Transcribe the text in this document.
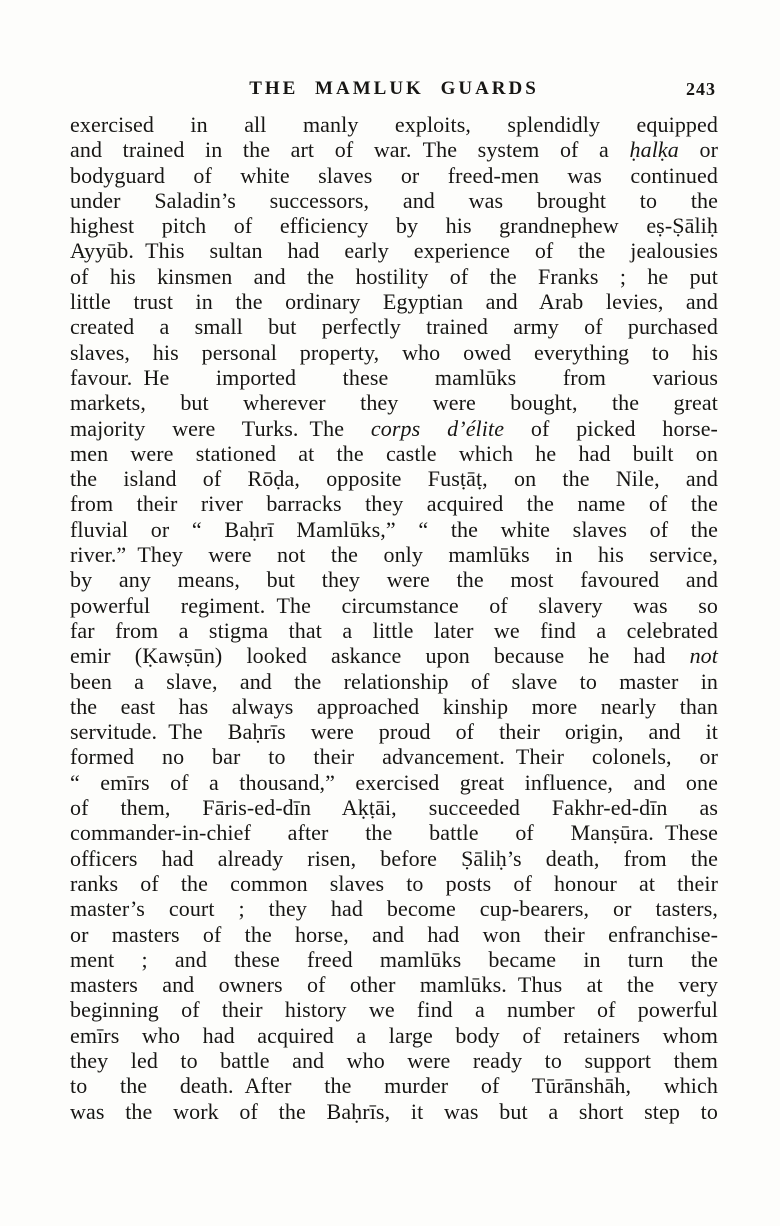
THE MAMLUK GUARDS	243
exercised in all manly exploits, splendidly equipped
and trained in the art of war. The system of a ḥalḳa or
bodyguard of white slaves or freed-men was continued
under Saladin’s successors, and was brought to the
highest pitch of efficiency by his grandnephew eṣ-Ṣāliḥ
Ayyūb. This sultan had early experience of the jealousies
of his kinsmen and the hostility of the Franks ; he put
little trust in the ordinary Egyptian and Arab levies, and
created a small but perfectly trained army of purchased
slaves, his personal property, who owed everything to his
favour. He imported these mamlūks from various
markets, but wherever they were bought, the great
majority were Turks. The corps d’élite of picked horse-
men were stationed at the castle which he had built on
the island of Rōḍa, opposite Fusṭāṭ, on the Nile, and
from their river barracks they acquired the name of the
fluvial or “ Baḥrī Mamlūks,” “ the white slaves of the
river.” They were not the only mamlūks in his service,
by any means, but they were the most favoured and
powerful regiment. The circumstance of slavery was so
far from a stigma that a little later we find a celebrated
emir (Ḳawṣūn) looked askance upon because he had not
been a slave, and the relationship of slave to master in
the east has always approached kinship more nearly than
servitude. The Baḥrīs were proud of their origin, and it
formed no bar to their advancement. Their colonels, or
“ emīrs of a thousand,” exercised great influence, and one
of them, Fāris-ed-dīn Aḳṭāi, succeeded Fakhr-ed-dīn as
commander-in-chief after the battle of Manṣūra. These
officers had already risen, before Ṣāliḥ’s death, from the
ranks of the common slaves to posts of honour at their
master’s court ; they had become cup-bearers, or tasters,
or masters of the horse, and had won their enfranchise-
ment ; and these freed mamlūks became in turn the
masters and owners of other mamlūks. Thus at the very
beginning of their history we find a number of powerful
emīrs who had acquired a large body of retainers whom
they led to battle and who were ready to support them
to the death. After the murder of Tūrānshāh, which
was the work of the Baḥrīs, it was but a short step to
